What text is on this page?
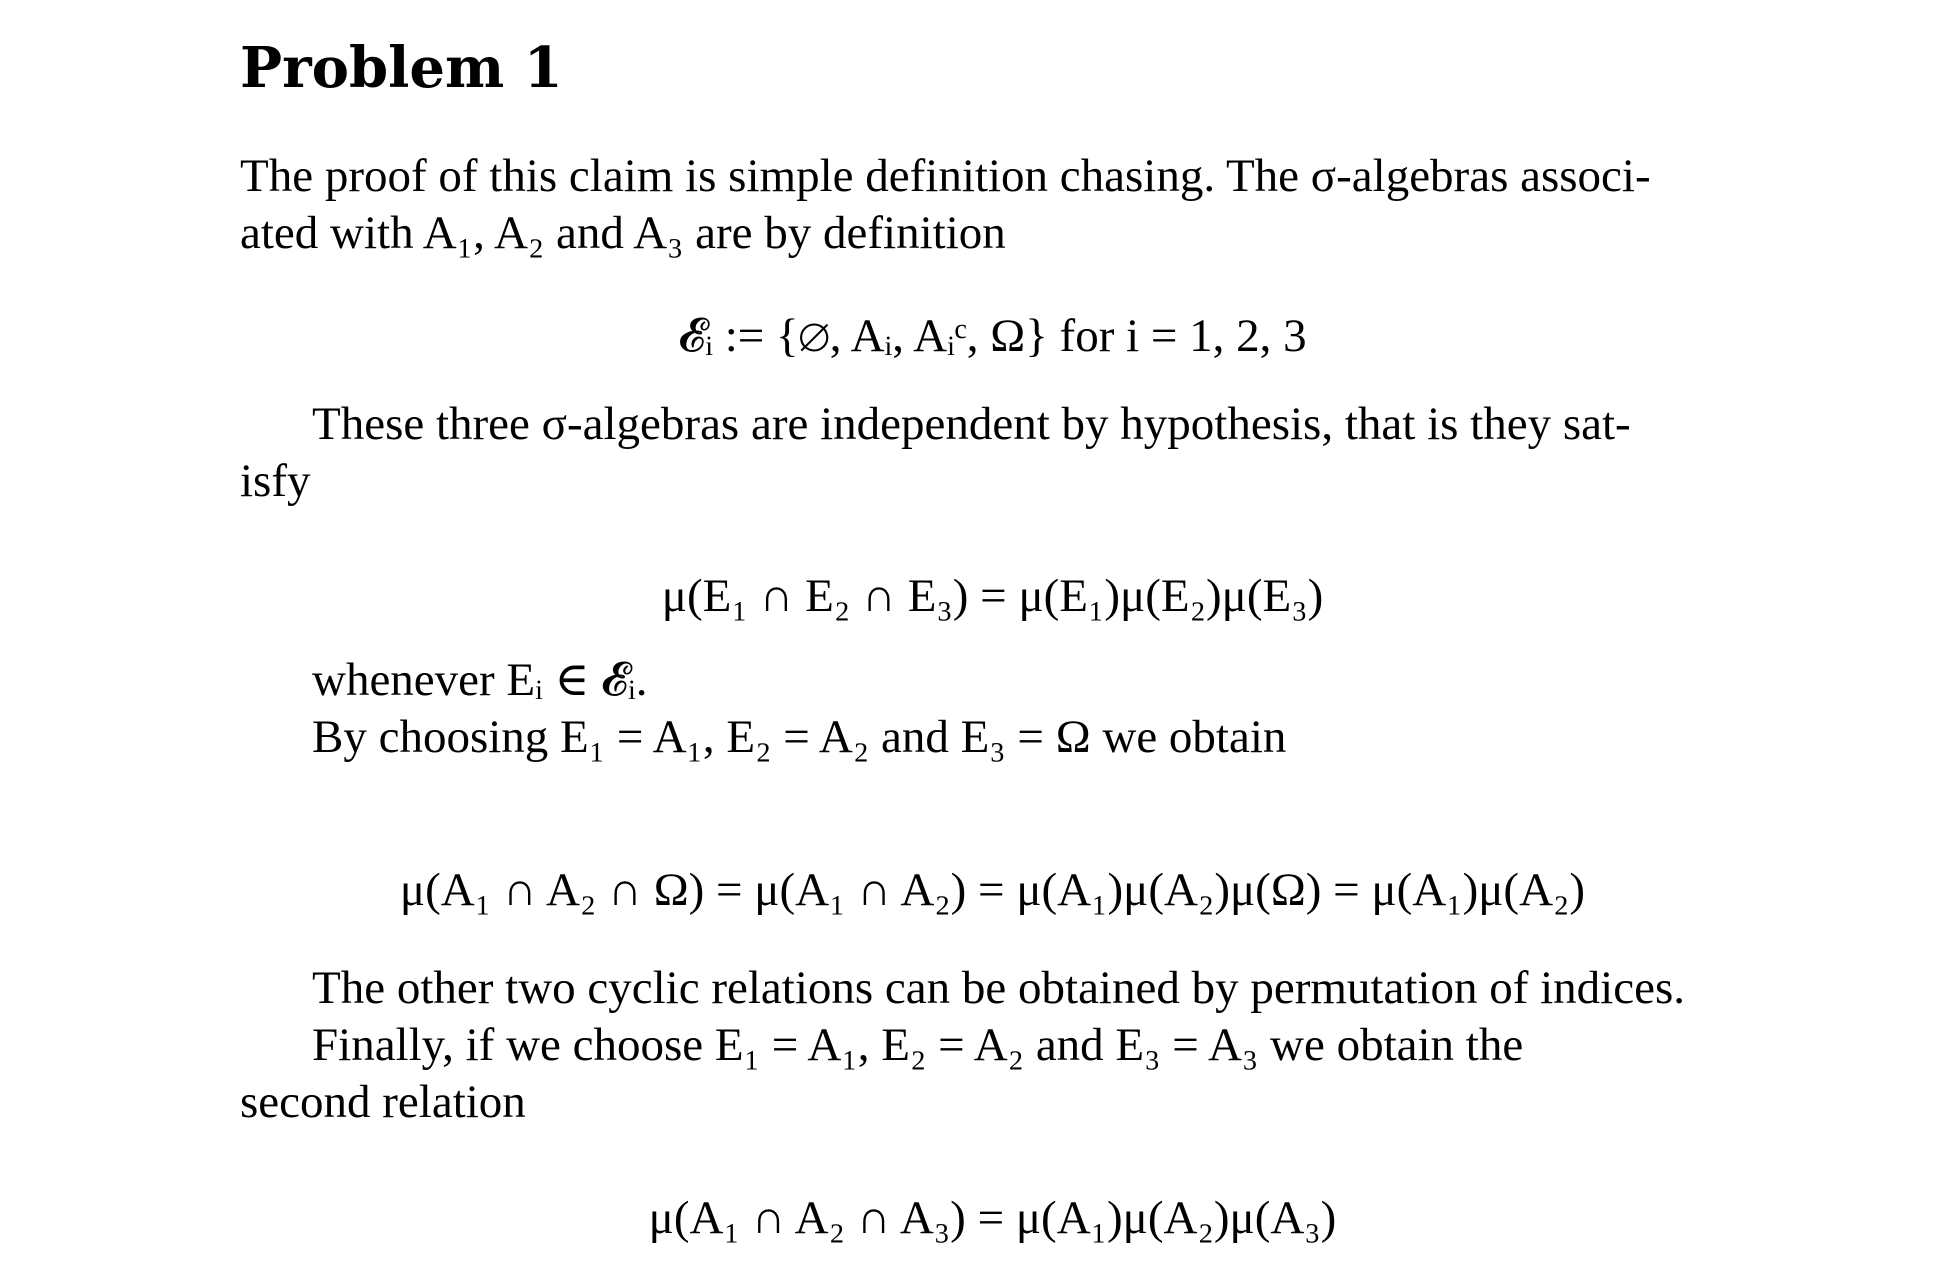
Problem 1

The proof of this claim is simple definition chasing. The σ-algebras associ-
ated with A₁, A₂ and A₃ are by definition

𝓔ᵢ := {∅, Aᵢ, Aᵢᶜ, Ω} for i = 1, 2, 3

These three σ-algebras are independent by hypothesis, that is they sat-
isfy

μ(E₁ ∩ E₂ ∩ E₃) = μ(E₁)μ(E₂)μ(E₃)

whenever Eᵢ ∈ 𝓔ᵢ.

By choosing E₁ = A₁, E₂ = A₂ and E₃ = Ω we obtain

μ(A₁ ∩ A₂ ∩ Ω) = μ(A₁ ∩ A₂) = μ(A₁)μ(A₂)μ(Ω) = μ(A₁)μ(A₂)

The other two cyclic relations can be obtained by permutation of indices.

Finally, if we choose E₁ = A₁, E₂ = A₂ and E₃ = A₃ we obtain the
second relation

μ(A₁ ∩ A₂ ∩ A₃) = μ(A₁)μ(A₂)μ(A₃)
